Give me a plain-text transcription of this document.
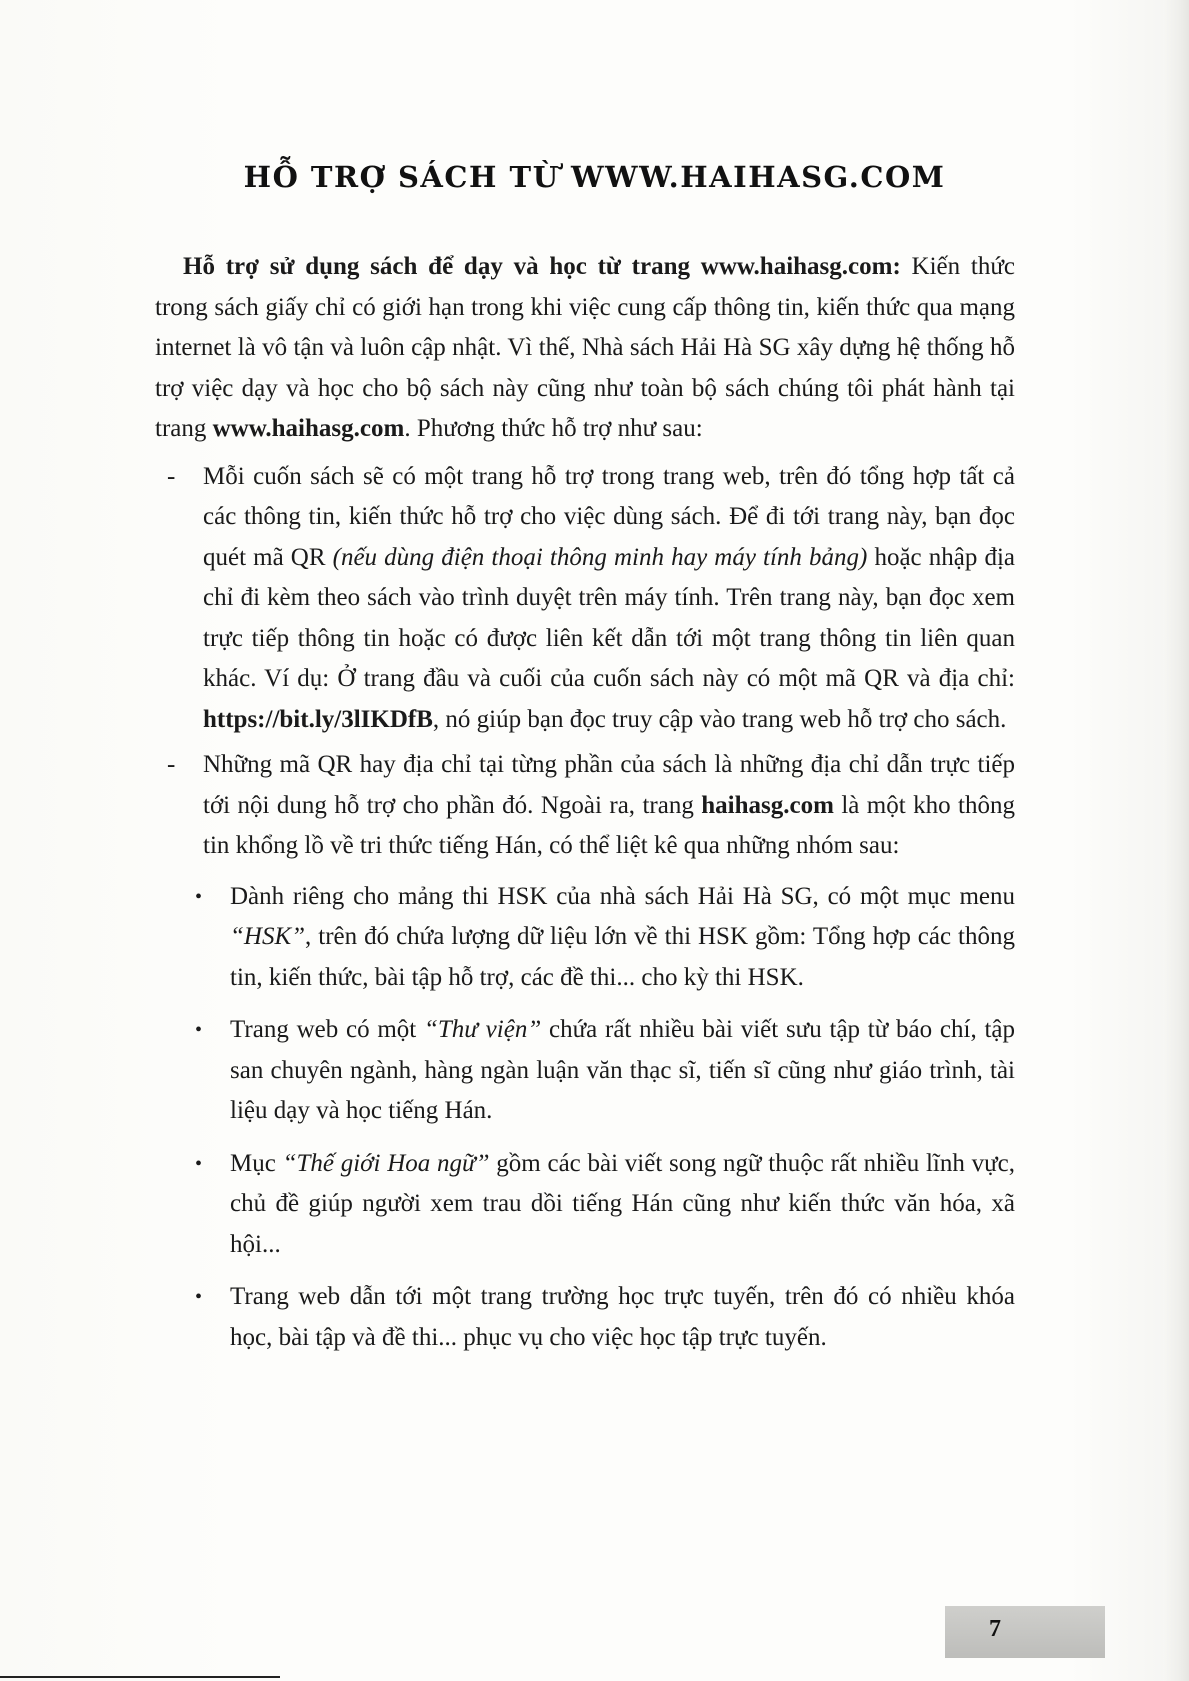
HỖ TRỢ SÁCH TỪ WWW.HAIHASG.COM

Hỗ trợ sử dụng sách để dạy và học từ trang www.haihasg.com: Kiến thức trong sách giấy chỉ có giới hạn trong khi việc cung cấp thông tin, kiến thức qua mạng internet là vô tận và luôn cập nhật. Vì thế, Nhà sách Hải Hà SG xây dựng hệ thống hỗ trợ việc dạy và học cho bộ sách này cũng như toàn bộ sách chúng tôi phát hành tại trang www.haihasg.com. Phương thức hỗ trợ như sau:

- Mỗi cuốn sách sẽ có một trang hỗ trợ trong trang web, trên đó tổng hợp tất cả các thông tin, kiến thức hỗ trợ cho việc dùng sách. Để đi tới trang này, bạn đọc quét mã QR (nếu dùng điện thoại thông minh hay máy tính bảng) hoặc nhập địa chỉ đi kèm theo sách vào trình duyệt trên máy tính. Trên trang này, bạn đọc xem trực tiếp thông tin hoặc có được liên kết dẫn tới một trang thông tin liên quan khác. Ví dụ: Ở trang đầu và cuối của cuốn sách này có một mã QR và địa chỉ: https://bit.ly/3lIKDfB, nó giúp bạn đọc truy cập vào trang web hỗ trợ cho sách.
- Những mã QR hay địa chỉ tại từng phần của sách là những địa chỉ dẫn trực tiếp tới nội dung hỗ trợ cho phần đó. Ngoài ra, trang haihasg.com là một kho thông tin khổng lồ về tri thức tiếng Hán, có thể liệt kê qua những nhóm sau:
• Dành riêng cho mảng thi HSK của nhà sách Hải Hà SG, có một mục menu “HSK”, trên đó chứa lượng dữ liệu lớn về thi HSK gồm: Tổng hợp các thông tin, kiến thức, bài tập hỗ trợ, các đề thi... cho kỳ thi HSK.
• Trang web có một “Thư viện” chứa rất nhiều bài viết sưu tập từ báo chí, tập san chuyên ngành, hàng ngàn luận văn thạc sĩ, tiến sĩ cũng như giáo trình, tài liệu dạy và học tiếng Hán.
• Mục “Thế giới Hoa ngữ” gồm các bài viết song ngữ thuộc rất nhiều lĩnh vực, chủ đề giúp người xem trau dồi tiếng Hán cũng như kiến thức văn hóa, xã hội...
• Trang web dẫn tới một trang trường học trực tuyến, trên đó có nhiều khóa học, bài tập và đề thi... phục vụ cho việc học tập trực tuyến.
7
